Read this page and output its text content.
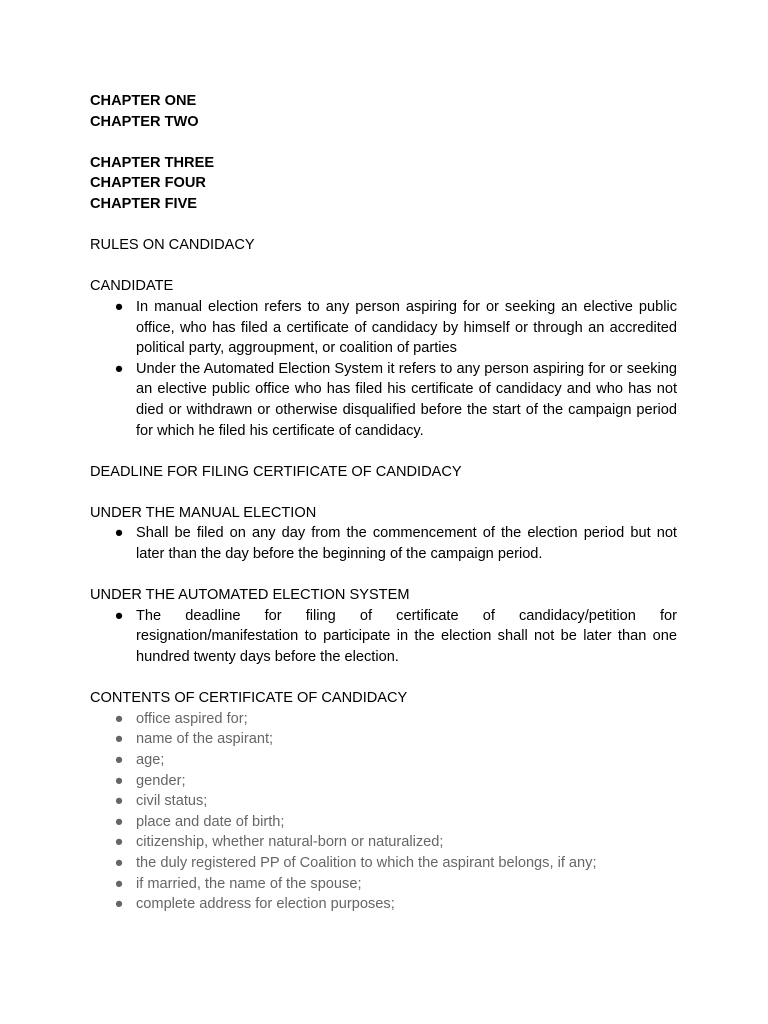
CHAPTER ONE

CHAPTER TWO

CHAPTER THREE

CHAPTER FOUR

CHAPTER FIVE

RULES ON CANDIDACY

CANDIDATE

● In manual election refers to any person aspiring for or seeking an elective public office, who has filed a certificate of candidacy by himself or through an accredited political party, aggroupment, or coalition of parties
● Under the Automated Election System it refers to any person aspiring for or seeking an elective public office who has filed his certificate of candidacy and who has not died or withdrawn or otherwise disqualified before the start of the campaign period for which he filed his certificate of candidacy.

DEADLINE FOR FILING CERTIFICATE OF CANDIDACY

UNDER THE MANUAL ELECTION

● Shall be filed on any day from the commencement of the election period but not later than the day before the beginning of the campaign period.

UNDER THE AUTOMATED ELECTION SYSTEM

● The deadline for filing of certificate of candidacy/petition for resignation/manifestation to participate in the election shall not be later than one hundred twenty days before the election.

CONTENTS OF CERTIFICATE OF CANDIDACY

● office aspired for;
● name of the aspirant;
● age;
● gender;
● civil status;
● place and date of birth;
● citizenship, whether natural-born or naturalized;
● the duly registered PP of Coalition to which the aspirant belongs, if any;
● if married, the name of the spouse;
● complete address for election purposes;
